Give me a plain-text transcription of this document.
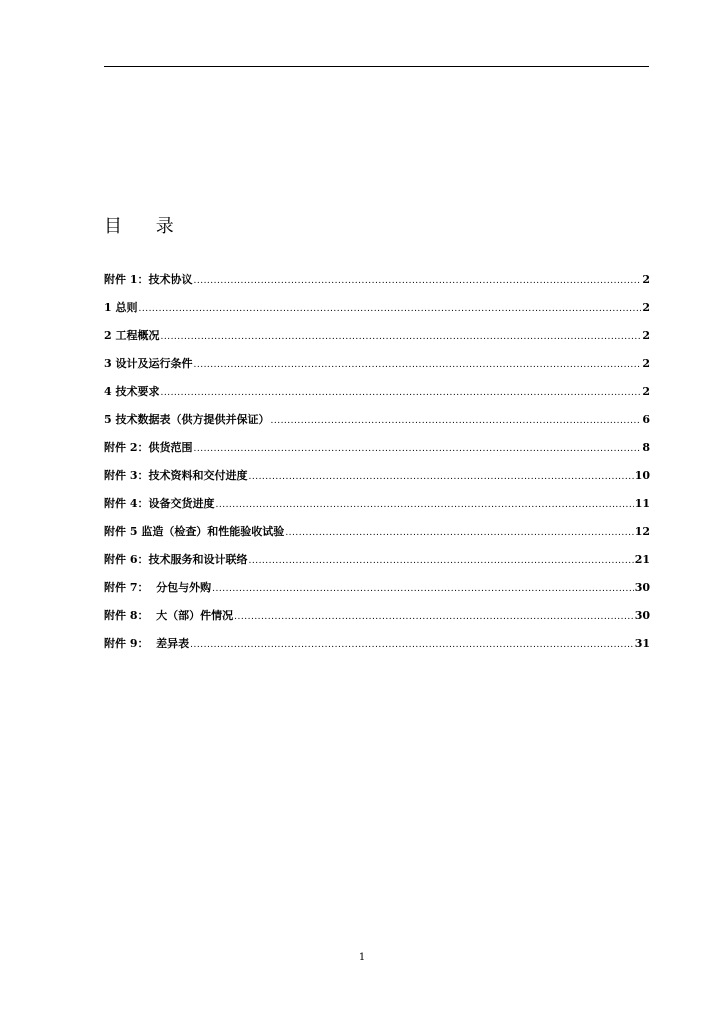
目 录
附件 1：技术协议 .....	2
1 总则 .....	2
2 工程概况 .....	2
3 设计及运行条件 .....	2
4 技术要求 .....	2
5 技术数据表（供方提供并保证） .....	6
附件 2：供货范围 .....	8
附件 3：技术资料和交付进度 .....	10
附件 4：设备交货进度 .....	11
附件 5 监造（检查）和性能验收试验 .....	12
附件 6：技术服务和设计联络 .....	21
附件 7：  分包与外购 .....	30
附件 8：  大（部）件情况 .....	30
附件 9：  差异表 .....	31
1
